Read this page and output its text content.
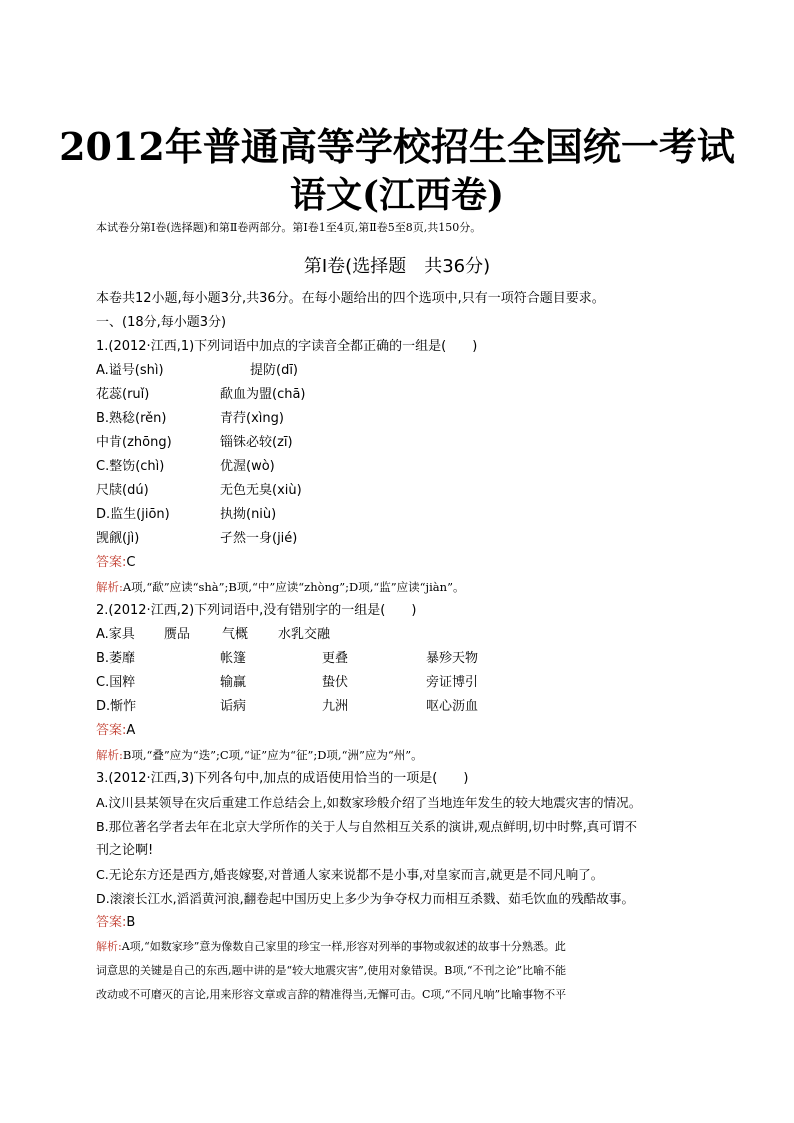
2012年普通高等学校招生全国统一考试
语文(江西卷)
本试卷分第Ⅰ卷(选择题)和第Ⅱ卷两部分。第Ⅰ卷1至4页,第Ⅱ卷5至8页,共150分。
第Ⅰ卷(选择题　共36分)
本卷共12小题,每小题3分,共36分。在每小题给出的四个选项中,只有一项符合题目要求。
一、(18分,每小题3分)
1.(2012·江西,1)下列词语中加点的字读音全都正确的一组是(　　)
A.谥号(shì)	提防(dī)
花蕊(ruǐ)	歃血为盟(chā)
B.熟稔(rěn)	青荇(xìng)
中肯(zhōng)	锱铢必较(zī)
C.整饬(chì)	优渥(wò)
尺牍(dú)	无色无臭(xiù)
D.监生(jiōn)	执拗(niù)
觊觎(jì)	孑然一身(jié)
答案:C
解析:A项,“歃”应读“shà”;B项,“中”应读“zhòng”;D项,“监”应读“jiàn”。
2.(2012·江西,2)下列词语中,没有错别字的一组是(　　)
A.家具 赝品 气概 水乳交融
B.萎靡	帐篷	更叠	暴殄天物
C.国粹	输赢	蛰伏	旁证博引
D.惭怍	诟病	九洲	呕心沥血
答案:A
解析:B项,“叠”应为“迭”;C项,“证”应为“征”;D项,“洲”应为“州”。
3.(2012·江西,3)下列各句中,加点的成语使用恰当的一项是(　　)
A.汶川县某领导在灾后重建工作总结会上,如数家珍般介绍了当地连年发生的较大地震灾害的情况。
B.那位著名学者去年在北京大学所作的关于人与自然相互关系的演讲,观点鲜明,切中时弊,真可谓不
刊之论啊!
C.无论东方还是西方,婚丧嫁娶,对普通人家来说都不是小事,对皇家而言,就更是不同凡响了。
D.滚滚长江水,滔滔黄河浪,翻卷起中国历史上多少为争夺权力而相互杀戮、茹毛饮血的残酷故事。
答案:B
解析:A项,“如数家珍”意为像数自己家里的珍宝一样,形容对列举的事物或叙述的故事十分熟悉。此
词意思的关键是自己的东西,题中讲的是“较大地震灾害”,使用对象错误。B项,“不刊之论”比喻不能
改动或不可磨灭的言论,用来形容文章或言辞的精准得当,无懈可击。C项,“不同凡响”比喻事物不平
